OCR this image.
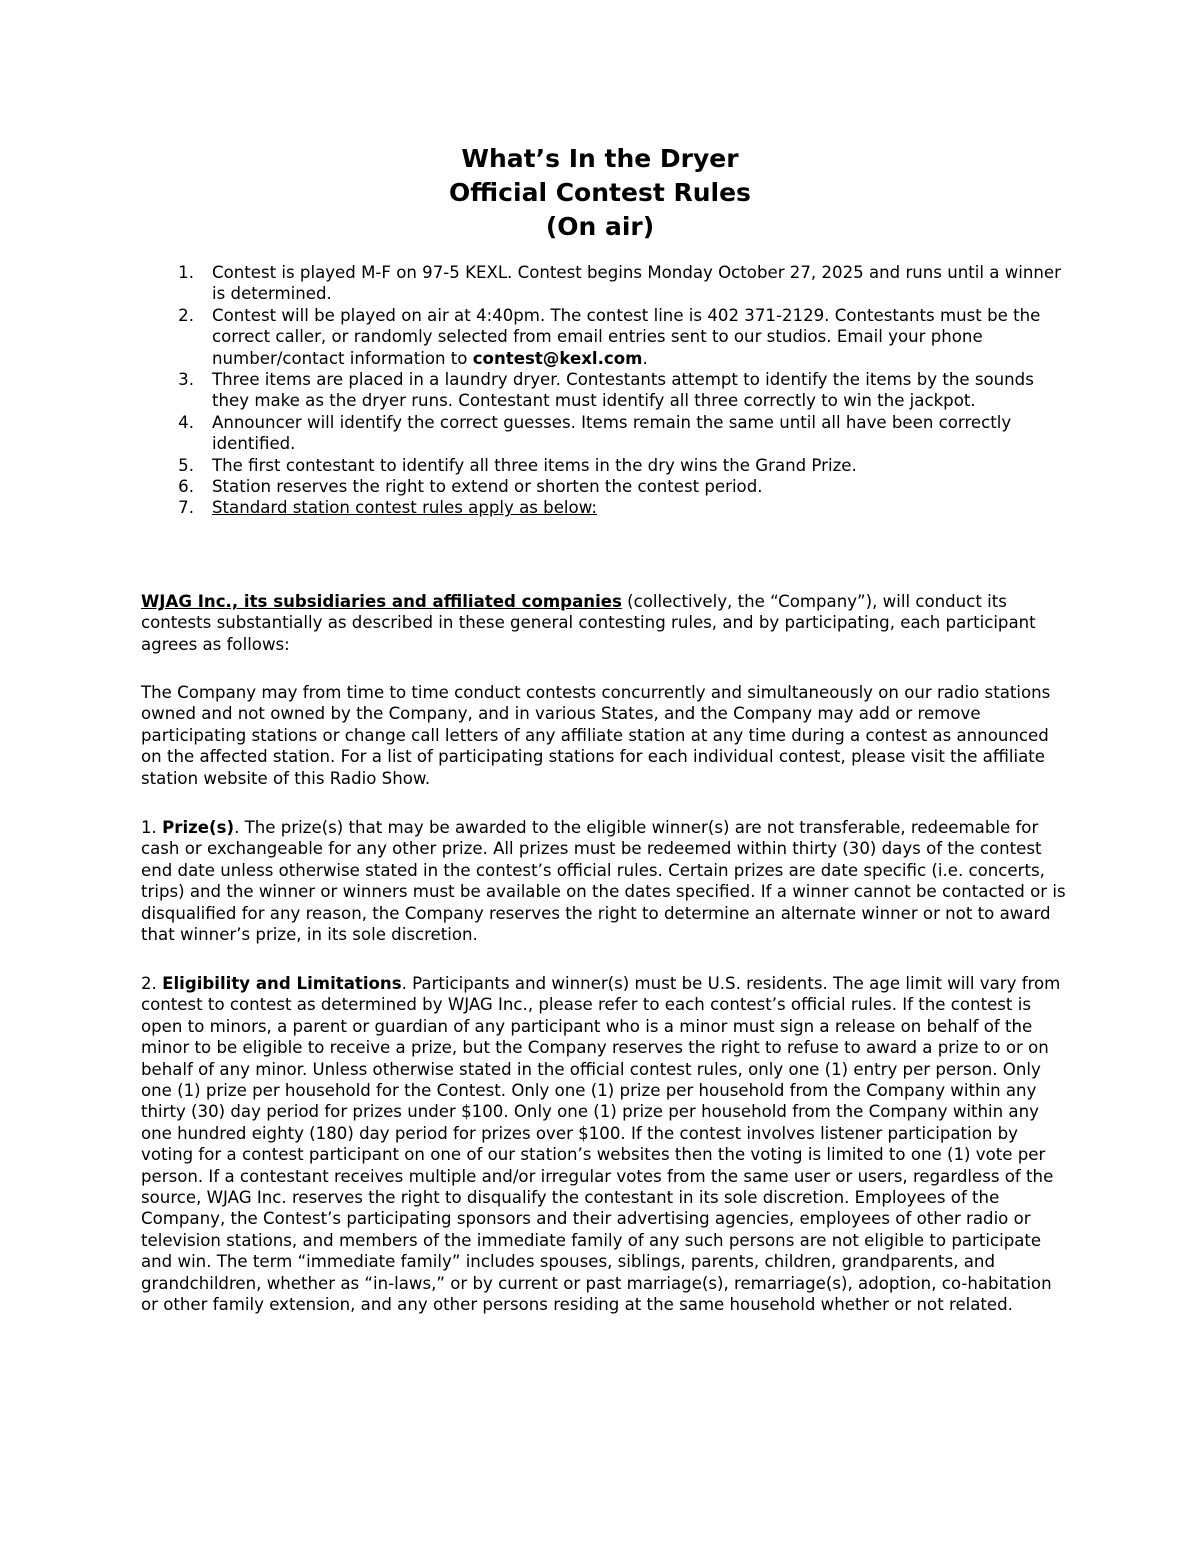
What’s In the Dryer
Official Contest Rules
(On air)
1. Contest is played M-F on 97-5 KEXL. Contest begins Monday October 27, 2025 and runs until a winner is determined.
2. Contest will be played on air at 4:40pm. The contest line is 402 371-2129. Contestants must be the correct caller, or randomly selected from email entries sent to our studios. Email your phone number/contact information to contest@kexl.com.
3. Three items are placed in a laundry dryer. Contestants attempt to identify the items by the sounds they make as the dryer runs. Contestant must identify all three correctly to win the jackpot.
4. Announcer will identify the correct guesses. Items remain the same until all have been correctly identified.
5. The first contestant to identify all three items in the dry wins the Grand Prize.
6. Station reserves the right to extend or shorten the contest period.
7. Standard station contest rules apply as below:

WJAG Inc., its subsidiaries and affiliated companies (collectively, the “Company”), will conduct its contests substantially as described in these general contesting rules, and by participating, each participant agrees as follows:

The Company may from time to time conduct contests concurrently and simultaneously on our radio stations owned and not owned by the Company, and in various States, and the Company may add or remove participating stations or change call letters of any affiliate station at any time during a contest as announced on the affected station. For a list of participating stations for each individual contest, please visit the affiliate station website of this Radio Show.

1. Prize(s). The prize(s) that may be awarded to the eligible winner(s) are not transferable, redeemable for cash or exchangeable for any other prize. All prizes must be redeemed within thirty (30) days of the contest end date unless otherwise stated in the contest’s official rules. Certain prizes are date specific (i.e. concerts, trips) and the winner or winners must be available on the dates specified. If a winner cannot be contacted or is disqualified for any reason, the Company reserves the right to determine an alternate winner or not to award that winner’s prize, in its sole discretion.

2. Eligibility and Limitations. Participants and winner(s) must be U.S. residents. The age limit will vary from contest to contest as determined by WJAG Inc., please refer to each contest’s official rules. If the contest is open to minors, a parent or guardian of any participant who is a minor must sign a release on behalf of the minor to be eligible to receive a prize, but the Company reserves the right to refuse to award a prize to or on behalf of any minor. Unless otherwise stated in the official contest rules, only one (1) entry per person. Only one (1) prize per household for the Contest. Only one (1) prize per household from the Company within any thirty (30) day period for prizes under $100. Only one (1) prize per household from the Company within any one hundred eighty (180) day period for prizes over $100. If the contest involves listener participation by voting for a contest participant on one of our station’s websites then the voting is limited to one (1) vote per person. If a contestant receives multiple and/or irregular votes from the same user or users, regardless of the source, WJAG Inc. reserves the right to disqualify the contestant in its sole discretion. Employees of the Company, the Contest’s participating sponsors and their advertising agencies, employees of other radio or television stations, and members of the immediate family of any such persons are not eligible to participate and win. The term “immediate family” includes spouses, siblings, parents, children, grandparents, and grandchildren, whether as “in-laws,” or by current or past marriage(s), remarriage(s), adoption, co-habitation or other family extension, and any other persons residing at the same household whether or not related.
